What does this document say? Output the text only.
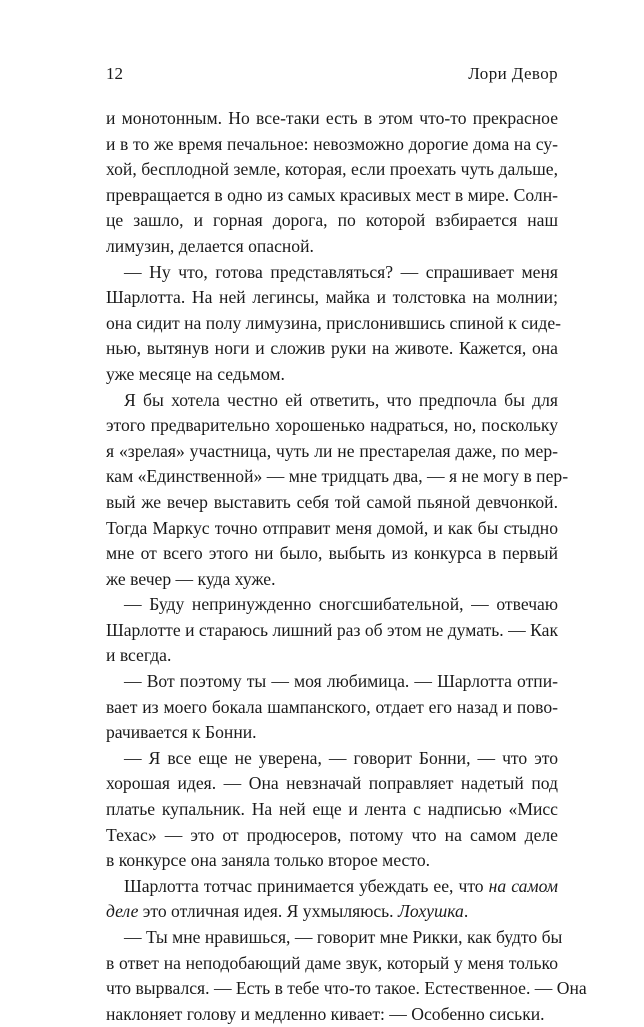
12	Лори Девор
и монотонным. Но все-таки есть в этом что-то прекрасное
и в то же время печальное: невозможно дорогие дома на су-
хой, бесплодной земле, которая, если проехать чуть дальше,
превращается в одно из самых красивых мест в мире. Солн-
це зашло, и горная дорога, по которой взбирается наш
лимузин, делается опасной.
— Ну что, готова представляться? — спрашивает меня
Шарлотта. На ней легинсы, майка и толстовка на молнии;
она сидит на полу лимузина, прислонившись спиной к сиде-
нью, вытянув ноги и сложив руки на животе. Кажется, она
уже месяце на седьмом.
Я бы хотела честно ей ответить, что предпочла бы для
этого предварительно хорошенько надраться, но, поскольку
я «зрелая» участница, чуть ли не престарелая даже, по мер-
кам «Единственной» — мне тридцать два, — я не могу в пер-
вый же вечер выставить себя той самой пьяной девчонкой.
Тогда Маркус точно отправит меня домой, и как бы стыдно
мне от всего этого ни было, выбыть из конкурса в первый
же вечер — куда хуже.
— Буду непринужденно сногсшибательной, — отвечаю
Шарлотте и стараюсь лишний раз об этом не думать. — Как
и всегда.
— Вот поэтому ты — моя любимица. — Шарлотта отпи-
вает из моего бокала шампанского, отдает его назад и пово-
рачивается к Бонни.
— Я все еще не уверена, — говорит Бонни, — что это
хорошая идея. — Она невзначай поправляет надетый под
платье купальник. На ней еще и лента с надписью «Мисс
Техас» — это от продюсеров, потому что на самом деле
в конкурсе она заняла только второе место.
Шарлотта тотчас принимается убеждать ее, что на самом
деле это отличная идея. Я ухмыляюсь. Лохушка.
— Ты мне нравишься, — говорит мне Рикки, как будто бы
в ответ на неподобающий даме звук, который у меня только
что вырвался. — Есть в тебе что-то такое. Естественное. — Она
наклоняет голову и медленно кивает: — Особенно сиськи.
